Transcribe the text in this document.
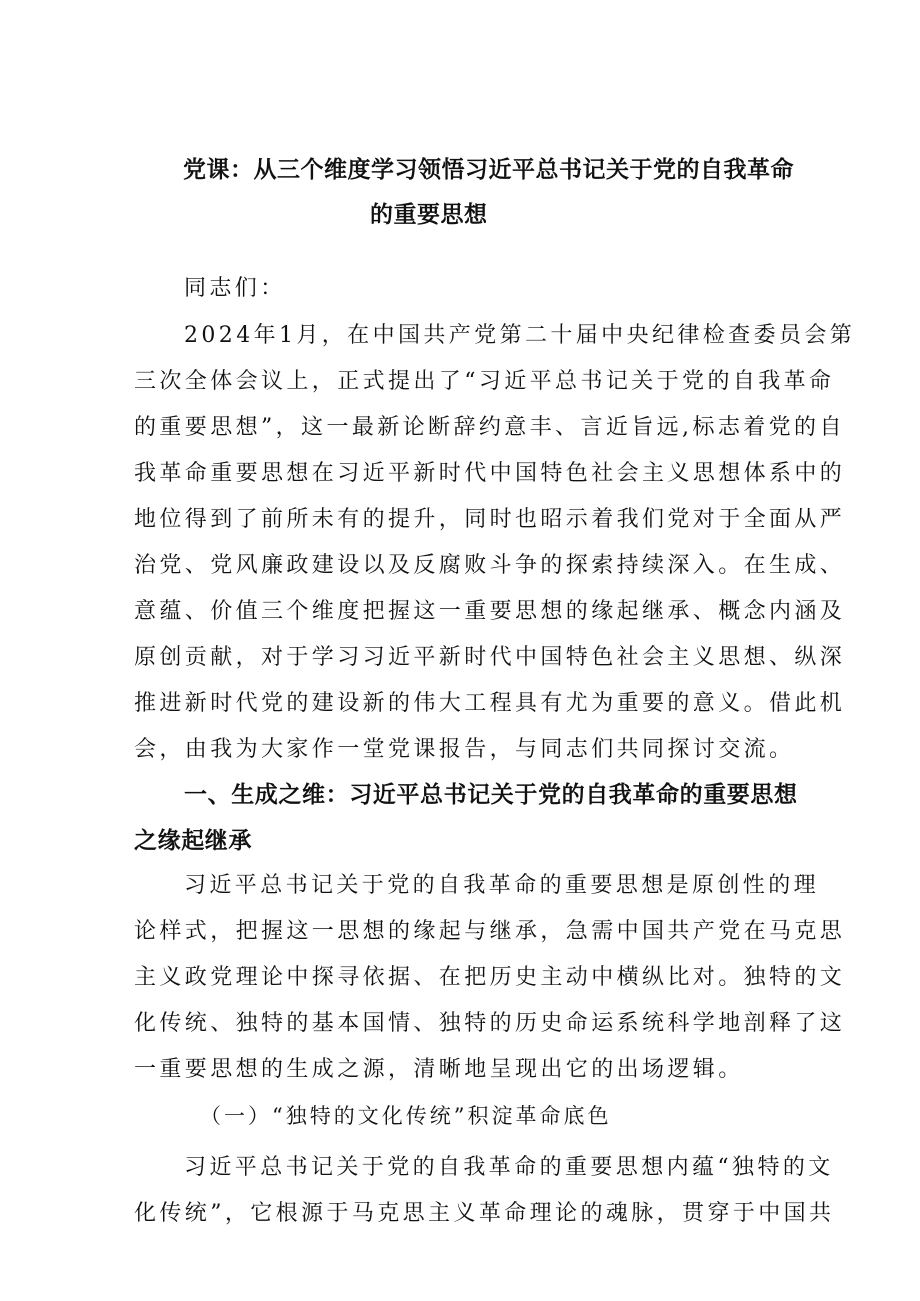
党课：从三个维度学习领悟习近平总书记关于党的自我革命

的重要思想

同志们：

2024年1月，在中国共产党第二十届中央纪律检查委员会第

三次全体会议上，正式提出了“习近平总书记关于党的自我革命

的重要思想”，这一最新论断辞约意丰、言近旨远,标志着党的自

我革命重要思想在习近平新时代中国特色社会主义思想体系中的

地位得到了前所未有的提升，同时也昭示着我们党对于全面从严

治党、党风廉政建设以及反腐败斗争的探索持续深入。在生成、

意蕴、价值三个维度把握这一重要思想的缘起继承、概念内涵及

原创贡献，对于学习习近平新时代中国特色社会主义思想、纵深

推进新时代党的建设新的伟大工程具有尤为重要的意义。借此机

会，由我为大家作一堂党课报告，与同志们共同探讨交流。

一、生成之维：习近平总书记关于党的自我革命的重要思想

之缘起继承

习近平总书记关于党的自我革命的重要思想是原创性的理

论样式，把握这一思想的缘起与继承，急需中国共产党在马克思

主义政党理论中探寻依据、在把历史主动中横纵比对。独特的文

化传统、独特的基本国情、独特的历史命运系统科学地剖释了这

一重要思想的生成之源，清晰地呈现出它的出场逻辑。

（一）“独特的文化传统”积淀革命底色

习近平总书记关于党的自我革命的重要思想内蕴“独特的文

化传统”，它根源于马克思主义革命理论的魂脉，贯穿于中国共
